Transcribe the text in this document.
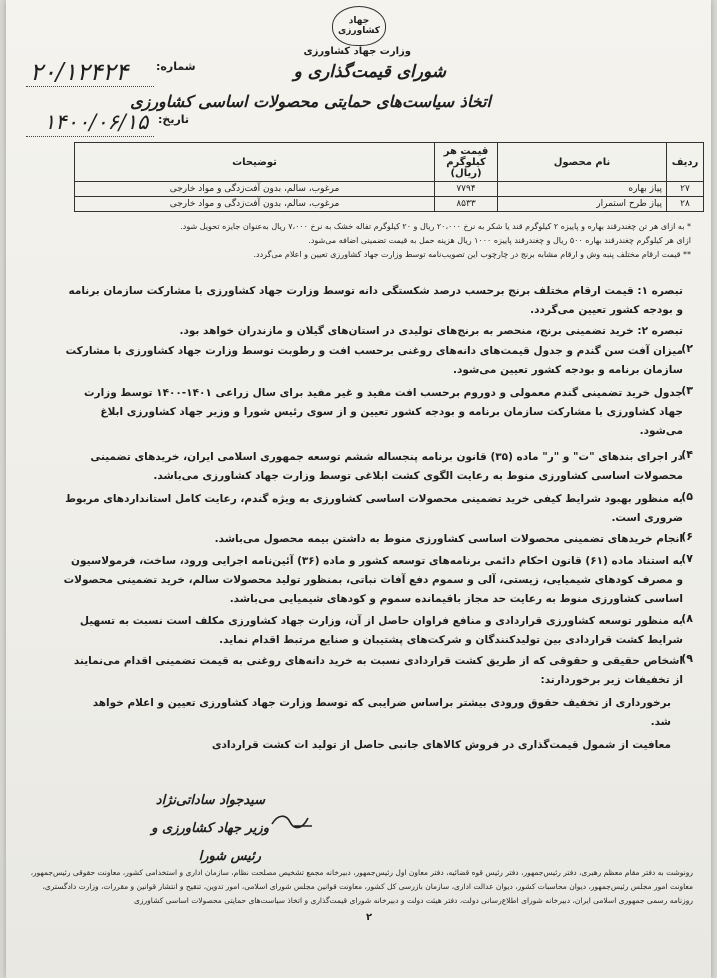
جهاد کشاورزی
وزارت جهاد کشاورزی
شورای قیمت‌گذاری و
اتخاذ سیاست‌های حمایتی محصولات اساسی کشاورزی
شماره:
۲۰/۱۲۴۲۴
تاریخ:
۱۴۰۰/۰۶/۱۵
ردیف	نام محصول	قیمت هر کیلوگرم (ریال)	توضیحات
۲۷	پیاز بهاره	۷۷۹۴	مرغوب، سالم، بدون آفت‌زدگی و مواد خارجی
۲۸	پیاز طرح استمرار	۸۵۳۳	مرغوب، سالم، بدون آفت‌زدگی و مواد خارجی
* به ازای هر تن چغندرقند بهاره و پاییزه ۲ کیلوگرم قند یا شکر به نرخ ۲۰،۰۰۰ ریال و ۲۰ کیلوگرم تفاله خشک به نرخ ۷،۰۰۰ ریال به‌عنوان جایزه تحویل شود.
ازای هر کیلوگرم چغندرقند بهاره ۵۰۰ ریال و چغندرقند پاییزه ۱۰۰۰ ریال هزینه حمل به قیمت تضمینی اضافه می‌شود.
** قیمت ارقام مختلف پنبه وش و ارقام مشابه برنج در چارچوب این تصویب‌نامه توسط وزارت جهاد کشاورزی تعیین و اعلام می‌گردد.
تبصره ۱: قیمت ارقام مختلف برنج برحسب درصد شکستگی دانه توسط وزارت جهاد کشاورزی با مشارکت سازمان برنامه و بودجه کشور تعیین می‌گردد.
تبصره ۲: خرید تضمینی برنج، منحصر به برنج‌های تولیدی در استان‌های گیلان و مازندران خواهد بود.
۲)
میزان آفت سن گندم و جدول قیمت‌های دانه‌های روغنی برحسب افت و رطوبت توسط وزارت جهاد کشاورزی با مشارکت سازمان برنامه و بودجه کشور تعیین می‌شود.
۳)
جدول خرید تضمینی گندم معمولی و دوروم برحسب افت مفید و غیر مفید برای سال زراعی ۱۴۰۱-۱۴۰۰ توسط وزارت جهاد کشاورزی با مشارکت سازمان برنامه و بودجه کشور تعیین و از سوی رئیس شورا و وزیر جهاد کشاورزی ابلاغ می‌شود.
۴)
در اجرای بندهای "ت" و "ر" ماده (۳۵) قانون برنامه پنجساله ششم توسعه جمهوری اسلامی ایران، خریدهای تضمینی محصولات اساسی کشاورزی منوط به رعایت الگوی کشت ابلاغی توسط وزارت جهاد کشاورزی می‌باشد.
۵)
به منظور بهبود شرایط کیفی خرید تضمینی محصولات اساسی کشاورزی به ویژه گندم، رعایت کامل استانداردهای مربوط ضروری است.
۶)
انجام خریدهای تضمینی محصولات اساسی کشاورزی منوط به داشتن بیمه محصول می‌باشد.
۷)
به استناد ماده (۶۱) قانون احکام دائمی برنامه‌های توسعه کشور و ماده (۳۶) آئین‌نامه اجرایی ورود، ساخت، فرمولاسیون و مصرف کودهای شیمیایی، زیستی، آلی و سموم دفع آفات نباتی، بمنظور تولید محصولات سالم، خرید تضمینی محصولات اساسی کشاورزی منوط به رعایت حد مجاز باقیمانده سموم و کودهای شیمیایی می‌باشد.
۸)
به منظور توسعه کشاورزی قراردادی و منافع فراوان حاصل از آن، وزارت جهاد کشاورزی مکلف است نسبت به تسهیل شرایط کشت قراردادی بین تولیدکنندگان و شرکت‌های پشتیبان و صنایع مرتبط اقدام نماید.
۹)
اشخاص حقیقی و حقوقی که از طریق کشت قراردادی نسبت به خرید دانه‌های روغنی به قیمت تضمینی اقدام می‌نمایند از تخفیفات زیر برخوردارند:
برخورداری از تخفیف حقوق ورودی بیشتر براساس ضرایبی که توسط وزارت جهاد کشاورزی تعیین و اعلام خواهد شد.
معافیت از شمول قیمت‌گذاری در فروش کالاهای جانبی حاصل از تولید ات کشت قراردادی
سیدجواد ساداتی‌نژاد
وزیر جهاد کشاورزی و
رئیس شورا
رونوشت به دفتر مقام معظم رهبری، دفتر رئیس‌جمهور، دفتر رئیس قوه قضائیه، دفتر معاون اول رئیس‌جمهور، دبیرخانه مجمع تشخیص مصلحت نظام، سازمان اداری و استخدامی کشور، معاونت حقوقی رئیس‌جمهور، معاونت امور مجلس رئیس‌جمهور، دیوان محاسبات کشور، دیوان عدالت اداری، سازمان بازرسی کل کشور، معاونت قوانین مجلس شورای اسلامی، امور تدوین، تنقیح و انتشار قوانین و مقررات، وزارت دادگستری، روزنامه رسمی جمهوری اسلامی ایران، دبیرخانه شورای اطلاع‌رسانی دولت، دفتر هیئت دولت و دبیرخانه شورای قیمت‌گذاری و اتخاذ سیاست‌های حمایتی محصولات اساسی کشاورزی
۲
